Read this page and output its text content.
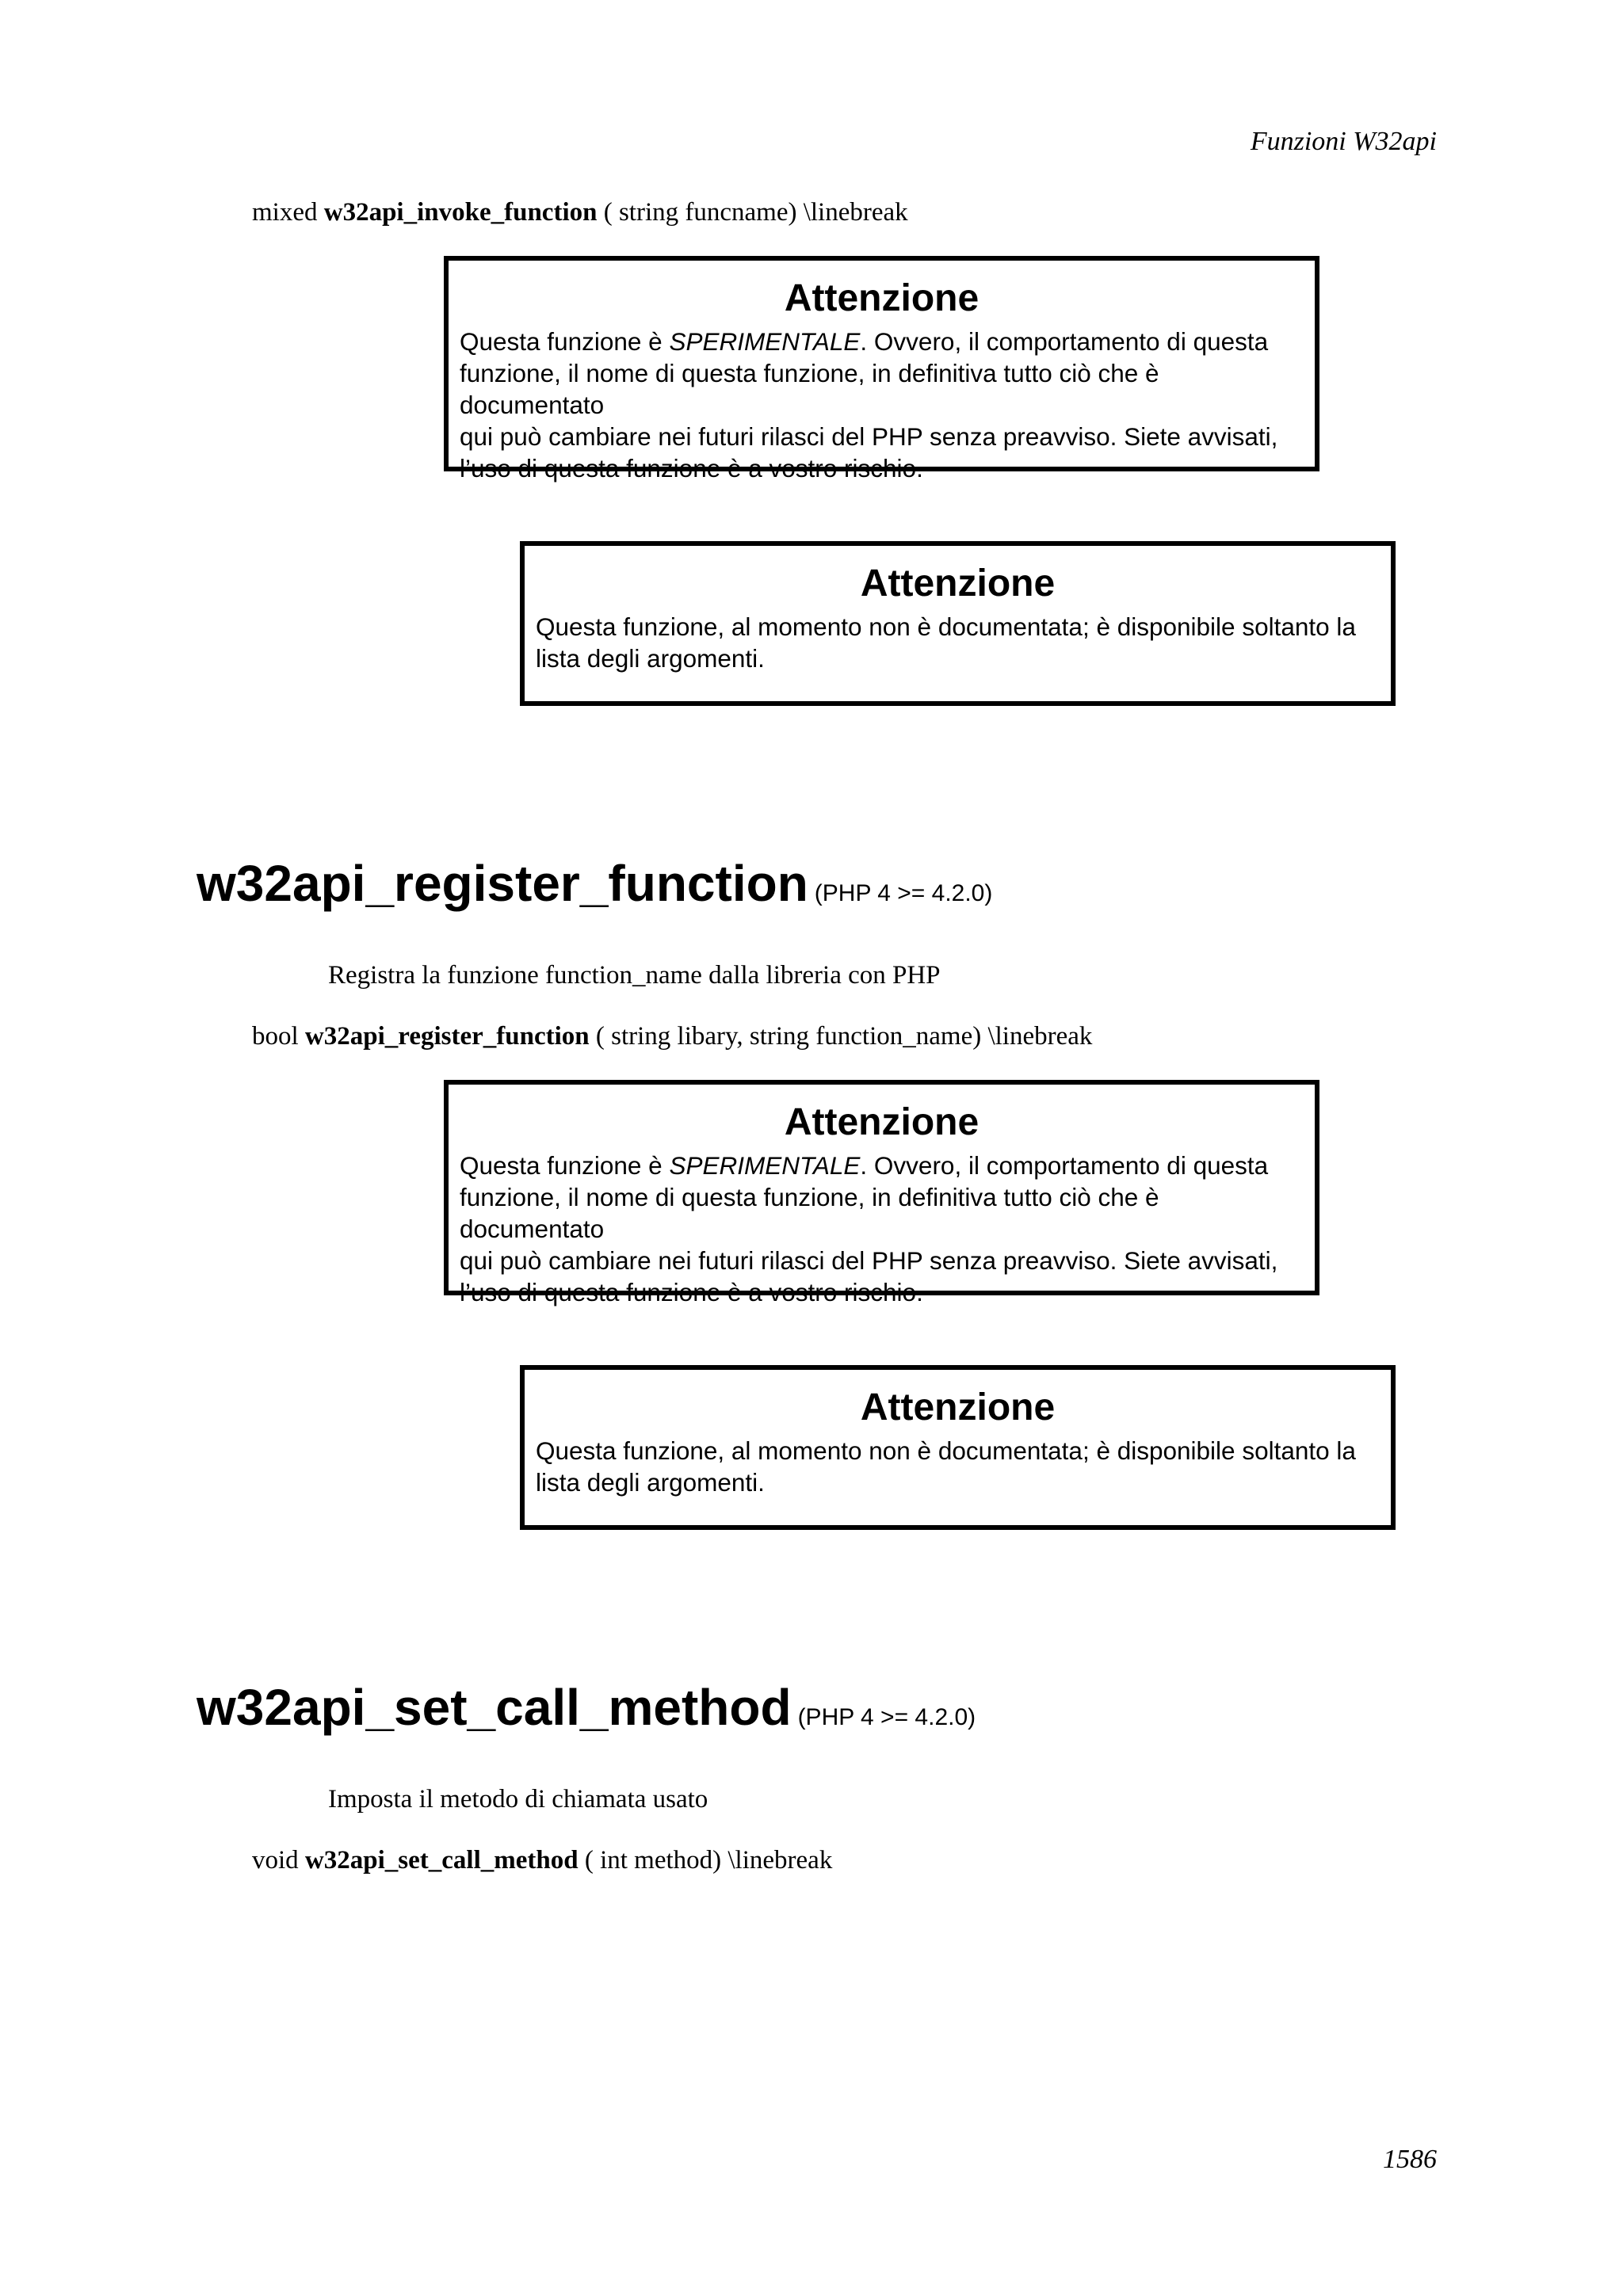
Funzioni W32api
mixed w32api_invoke_function ( string funcname) \linebreak
Attenzione
Questa funzione è SPERIMENTALE. Ovvero, il comportamento di questa
funzione, il nome di questa funzione, in definitiva tutto ciò che è documentato
qui può cambiare nei futuri rilasci del PHP senza preavviso. Siete avvisati,
l’uso di questa funzione è a vostro rischio.
Attenzione
Questa funzione, al momento non è documentata; è disponibile soltanto la
lista degli argomenti.
w32api_register_function (PHP 4 >= 4.2.0)
Registra la funzione function_name dalla libreria con PHP
bool w32api_register_function ( string libary, string function_name) \linebreak
Attenzione
Questa funzione è SPERIMENTALE. Ovvero, il comportamento di questa
funzione, il nome di questa funzione, in definitiva tutto ciò che è documentato
qui può cambiare nei futuri rilasci del PHP senza preavviso. Siete avvisati,
l’uso di questa funzione è a vostro rischio.
Attenzione
Questa funzione, al momento non è documentata; è disponibile soltanto la
lista degli argomenti.
w32api_set_call_method (PHP 4 >= 4.2.0)
Imposta il metodo di chiamata usato
void w32api_set_call_method ( int method) \linebreak
1586
